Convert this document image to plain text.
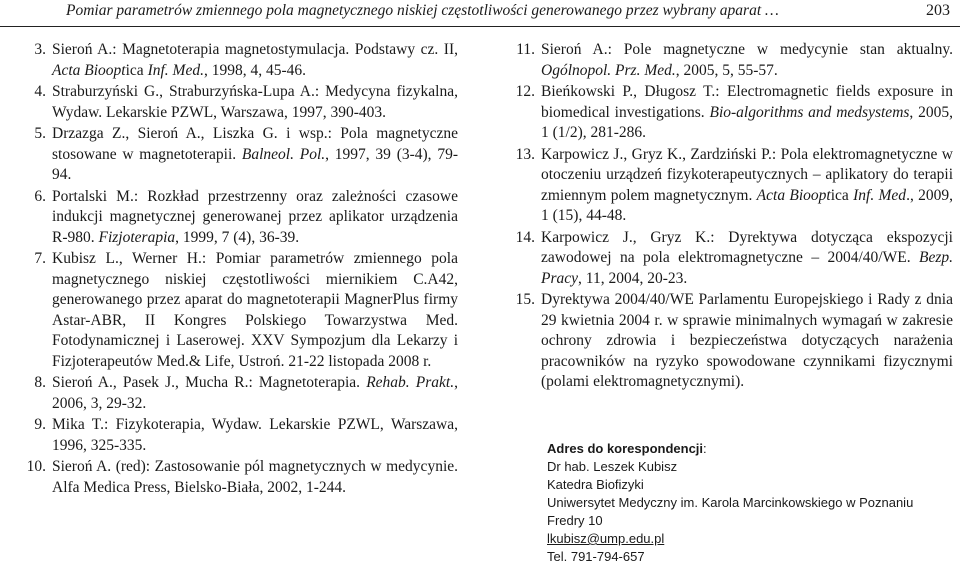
Pomiar parametrów zmiennego pola magnetycznego niskiej częstotliwości generowanego przez wybrany aparat …	203
3. Sieroń A.: Magnetoterapia magnetostymulacja. Podstawy cz. II, Acta Biooptica Inf. Med., 1998, 4, 45-46.
4. Straburzyński G., Straburzyńska-Lupa A.: Medycyna fizykalna, Wydaw. Lekarskie PZWL, Warszawa, 1997, 390-403.
5. Drzazga Z., Sieroń A., Liszka G. i wsp.: Pola magnetyczne stosowane w magnetoterapii. Balneol. Pol., 1997, 39 (3-4), 79-94.
6. Portalski M.: Rozkład przestrzenny oraz zależności czasowe indukcji magnetycznej generowanej przez aplikator urządzenia R-980. Fizjoterapia, 1999, 7 (4), 36-39.
7. Kubisz L., Werner H.: Pomiar parametrów zmiennego pola magnetycznego niskiej częstotliwości miernikiem C.A42, generowanego przez aparat do magnetoterapii MagnerPlus firmy Astar-ABR, II Kongres Polskiego Towarzystwa Med. Fotodynamicznej i Laserowej. XXV Sympozjum dla Lekarzy i Fizjoterapeutów Med.& Life, Ustroń. 21-22 listopada 2008 r.
8. Sieroń A., Pasek J., Mucha R.: Magnetoterapia. Rehab. Prakt., 2006, 3, 29-32.
9. Mika T.: Fizykoterapia, Wydaw. Lekarskie PZWL, Warszawa, 1996, 325-335.
10. Sieroń A. (red): Zastosowanie pól magnetycznych w medycynie. Alfa Medica Press, Bielsko-Biała, 2002, 1-244.
11. Sieroń A.: Pole magnetyczne w medycynie stan aktualny. Ogólnopol. Prz. Med., 2005, 5, 55-57.
12. Bieńkowski P., Długosz T.: Electromagnetic fields exposure in biomedical investigations. Bio-algorithms and medsystems, 2005, 1 (1/2), 281-286.
13. Karpowicz J., Gryz K., Zardziński P.: Pola elektromagnetyczne w otoczeniu urządzeń fizykoterapeutycznych – aplikatory do terapii zmiennym polem magnetycznym. Acta Biooptica Inf. Med., 2009, 1 (15), 44-48.
14. Karpowicz J., Gryz K.: Dyrektywa dotycząca ekspozycji zawodowej na pola elektromagnetyczne – 2004/40/WE. Bezp. Pracy, 11, 2004, 20-23.
15. Dyrektywa 2004/40/WE Parlamentu Europejskiego i Rady z dnia 29 kwietnia 2004 r. w sprawie minimalnych wymagań w zakresie ochrony zdrowia i bezpieczeństwa dotyczących narażenia pracowników na ryzyko spowodowane czynnikami fizycznymi (polami elektromagnetycznymi).
Adres do korespondencji:
Dr hab. Leszek Kubisz
Katedra Biofizyki
Uniwersytet Medyczny im. Karola Marcinkowskiego w Poznaniu
Fredry 10
lkubisz@ump.edu.pl
Tel. 791-794-657
